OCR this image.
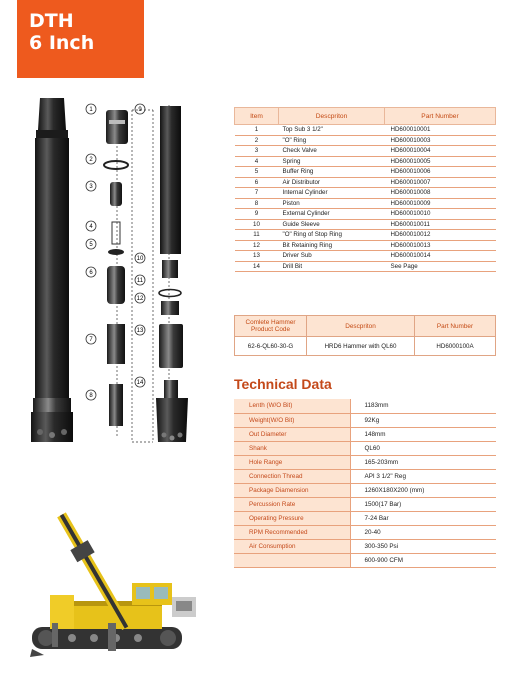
DTH
6 Inch
1
2
3
4
5
6
7
8
9
10
11
12
13
14
Item	Descpriton	Part Number
1	Top Sub 3 1/2"	HD600010001
2	"O" Ring	HD600010003
3	Check Valve	HD600010004
4	Spring	HD600010005
5	Buffer Ring	HD600010006
6	Air Distributor	HD600010007
7	Internal Cylinder	HD600010008
8	Piston	HD600010009
9	External Cylinder	HD600010010
10	Guide Sleeve	HD600010011
11	"O" Ring of Stop Ring	HD600010012
12	Bit Retaining Ring	HD600010013
13	Driver Sub	HD600010014
14	Drill Bit	See Page
Comlete Hammer Product Code	Descpriton	Part Number
62-6-QL60-30-G	HRD6 Hammer with QL60	HD6000100A
Technical Data
Lenth (W/O Bit)	1183mm
Weight(W/O Bit)	92Kg
Out Diameter	148mm
Shank	QL60
Hole Range	165-203mm
Connection Thread	API 3 1/2" Reg
Package Diamension	1260X180X200 (mm)
Percussion Rate	1500(17 Bar)
Operating Pressure	7-24 Bar
RPM Recommended	20-40
Air Consumption	300-350 Psi
	600-900 CFM
